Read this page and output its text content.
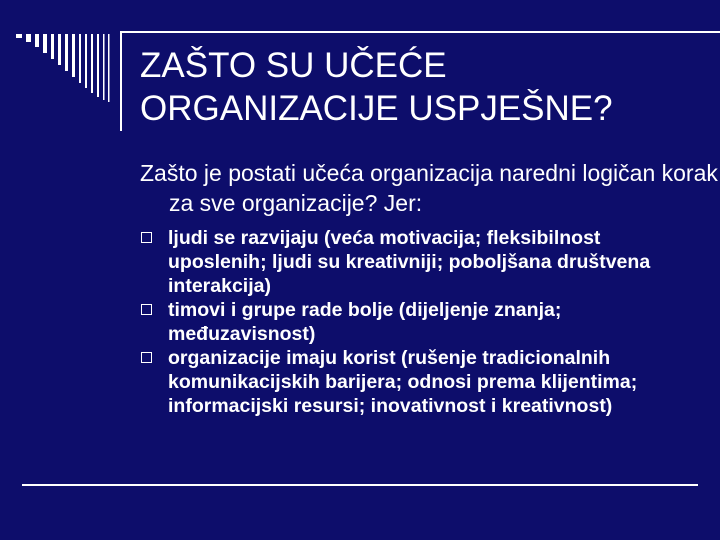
ZAŠTO SU UČEĆE
ORGANIZACIJE USPJEŠNE?

Zašto je postati učeća organizacija naredni logičan korak za sve organizacije? Jer:

ljudi se razvijaju (veća motivacija; fleksibilnost uposlenih; ljudi su kreativniji; poboljšana društvena interakcija)
timovi i grupe rade bolje (dijeljenje znanja; međuzavisnost)
organizacije imaju korist (rušenje tradicionalnih komunikacijskih barijera; odnosi prema klijentima; informacijski resursi; inovativnost i kreativnost)
